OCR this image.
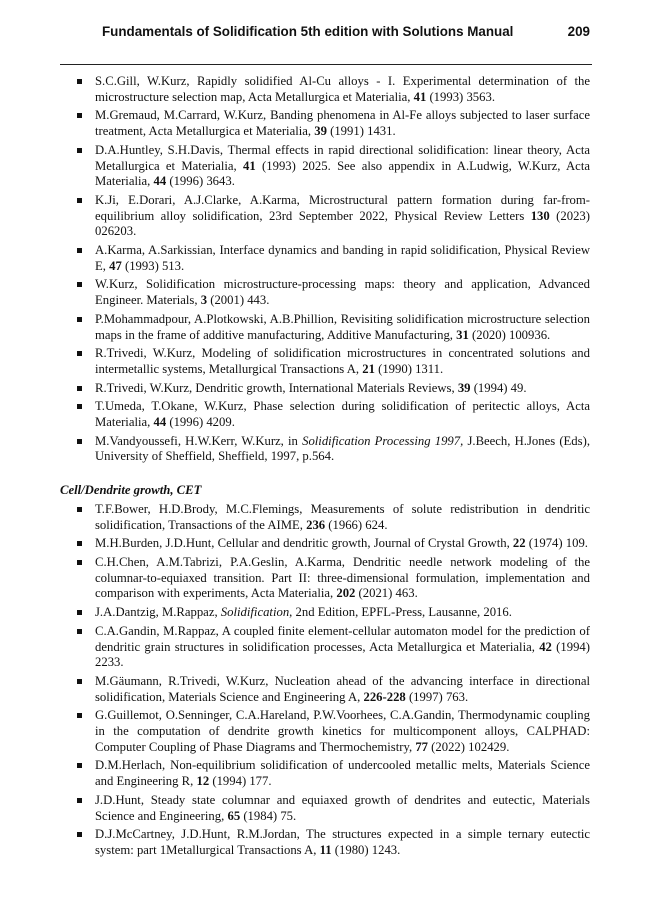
Fundamentals of Solidification 5th edition with Solutions Manual	209
S.C.Gill, W.Kurz, Rapidly solidified Al-Cu alloys - I. Experimental determination of the microstructure selection map, Acta Metallurgica et Materialia, 41 (1993) 3563.
M.Gremaud, M.Carrard, W.Kurz, Banding phenomena in Al-Fe alloys subjected to laser surface treatment, Acta Metallurgica et Materialia, 39 (1991) 1431.
D.A.Huntley, S.H.Davis, Thermal effects in rapid directional solidification: linear theory, Acta Metallurgica et Materialia, 41 (1993) 2025. See also appendix in A.Ludwig, W.Kurz, Acta Materialia, 44 (1996) 3643.
K.Ji, E.Dorari, A.J.Clarke, A.Karma, Microstructural pattern formation during far-from-equilibrium alloy solidification, 23rd September 2022, Physical Review Letters 130 (2023) 026203.
A.Karma, A.Sarkissian, Interface dynamics and banding in rapid solidification, Physical Review E, 47 (1993) 513.
W.Kurz, Solidification microstructure-processing maps: theory and application, Advanced Engineer. Materials, 3 (2001) 443.
P.Mohammadpour, A.Plotkowski, A.B.Phillion, Revisiting solidification microstructure selection maps in the frame of additive manufacturing, Additive Manufacturing, 31 (2020) 100936.
R.Trivedi, W.Kurz, Modeling of solidification microstructures in concentrated solutions and intermetallic systems, Metallurgical Transactions A, 21 (1990) 1311.
R.Trivedi, W.Kurz, Dendritic growth, International Materials Reviews, 39 (1994) 49.
T.Umeda, T.Okane, W.Kurz, Phase selection during solidification of peritectic alloys, Acta Materialia, 44 (1996) 4209.
M.Vandyoussefi, H.W.Kerr, W.Kurz, in Solidification Processing 1997, J.Beech, H.Jones (Eds), University of Sheffield, Sheffield, 1997, p.564.
Cell/Dendrite growth, CET
T.F.Bower, H.D.Brody, M.C.Flemings, Measurements of solute redistribution in dendritic solidification, Transactions of the AIME, 236 (1966) 624.
M.H.Burden, J.D.Hunt, Cellular and dendritic growth, Journal of Crystal Growth, 22 (1974) 109.
C.H.Chen, A.M.Tabrizi, P.A.Geslin, A.Karma, Dendritic needle network modeling of the columnar-to-equiaxed transition. Part II: three-dimensional formulation, implementation and comparison with experiments, Acta Materialia, 202 (2021) 463.
J.A.Dantzig, M.Rappaz, Solidification, 2nd Edition, EPFL-Press, Lausanne, 2016.
C.A.Gandin, M.Rappaz, A coupled finite element-cellular automaton model for the prediction of dendritic grain structures in solidification processes, Acta Metallurgica et Materialia, 42 (1994) 2233.
M.Gäumann, R.Trivedi, W.Kurz, Nucleation ahead of the advancing interface in directional solidification, Materials Science and Engineering A, 226-228 (1997) 763.
G.Guillemot, O.Senninger, C.A.Hareland, P.W.Voorhees, C.A.Gandin, Thermodynamic coupling in the computation of dendrite growth kinetics for multicomponent alloys, CALPHAD: Computer Coupling of Phase Diagrams and Thermochemistry, 77 (2022) 102429.
D.M.Herlach, Non-equilibrium solidification of undercooled metallic melts, Materials Science and Engineering R, 12 (1994) 177.
J.D.Hunt, Steady state columnar and equiaxed growth of dendrites and eutectic, Materials Science and Engineering, 65 (1984) 75.
D.J.McCartney, J.D.Hunt, R.M.Jordan, The structures expected in a simple ternary eutectic system: part 1Metallurgical Transactions A, 11 (1980) 1243.
